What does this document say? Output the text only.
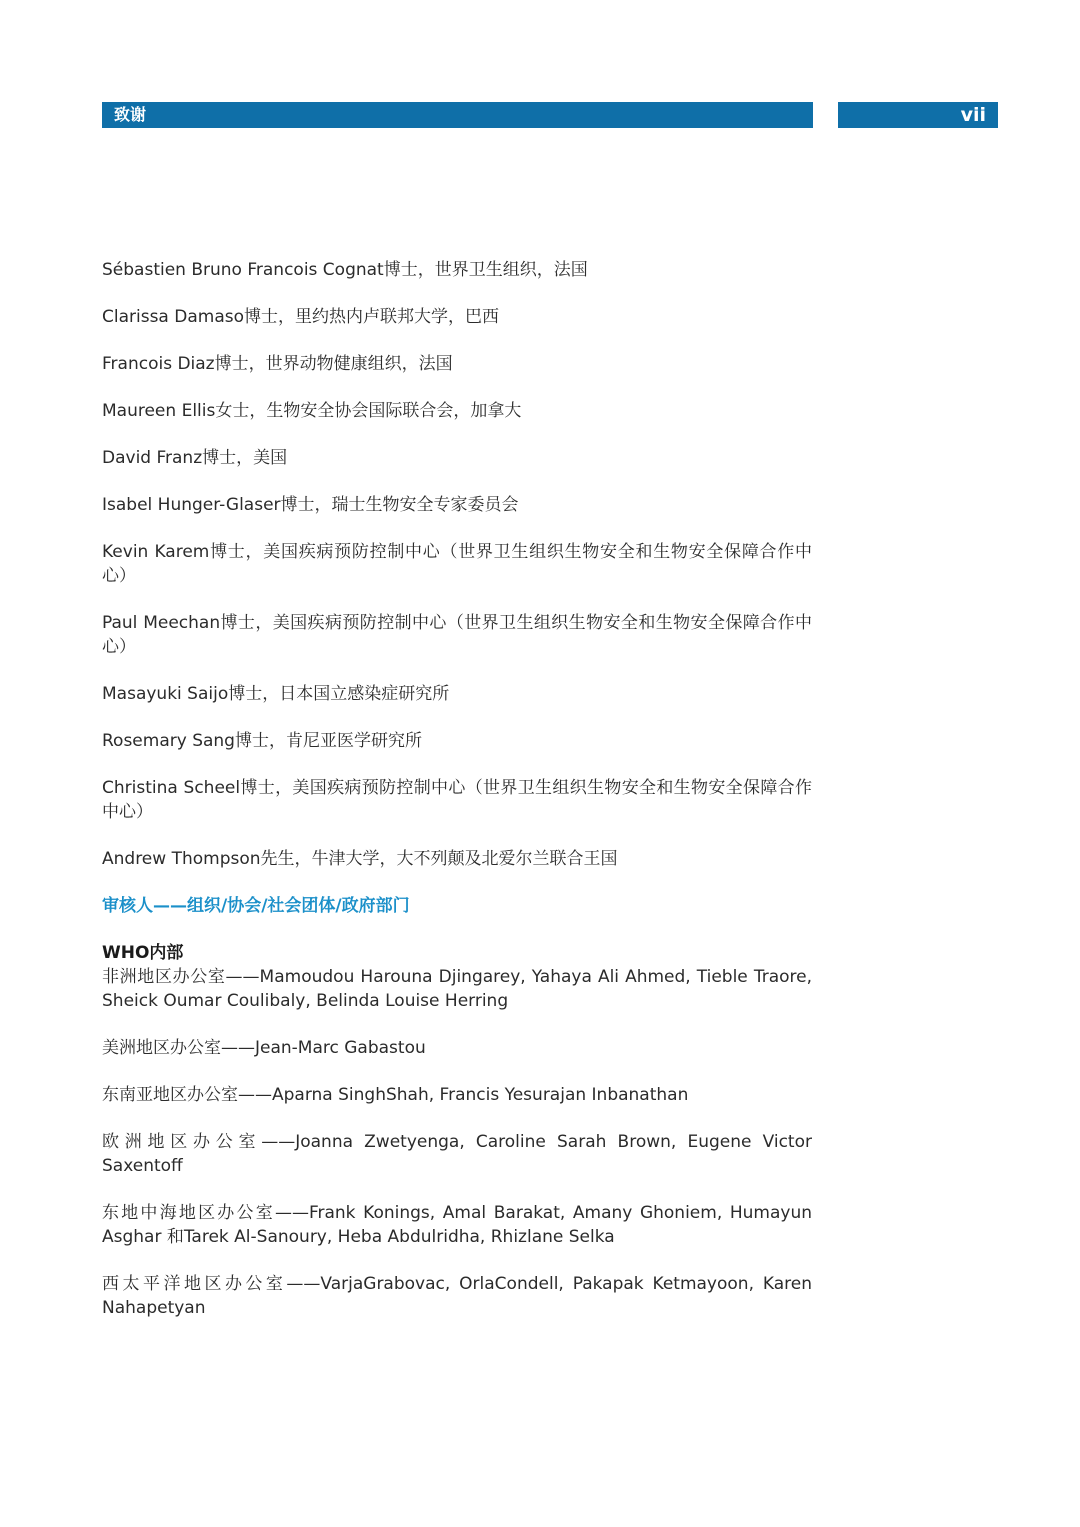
致谢	vii

Sébastien Bruno Francois Cognat博士，世界卫生组织，法国

Clarissa Damaso博士，里约热内卢联邦大学，巴西

Francois Diaz博士，世界动物健康组织，法国

Maureen Ellis女士，生物安全协会国际联合会，加拿大

David Franz博士，美国

Isabel Hunger-Glaser博士，瑞士生物安全专家委员会

Kevin Karem博士，美国疾病预防控制中心（世界卫生组织生物安全和生物安全保障合作中心）

Paul Meechan博士，美国疾病预防控制中心（世界卫生组织生物安全和生物安全保障合作中心）

Masayuki Saijo博士，日本国立感染症研究所

Rosemary Sang博士，肯尼亚医学研究所

Christina Scheel博士，美国疾病预防控制中心（世界卫生组织生物安全和生物安全保障合作中心）

Andrew Thompson先生，牛津大学，大不列颠及北爱尔兰联合王国

审核人——组织/协会/社会团体/政府部门

WHO内部

非洲地区办公室——Mamoudou Harouna Djingarey, Yahaya Ali Ahmed, Tieble Traore, Sheick Oumar Coulibaly, Belinda Louise Herring

美洲地区办公室——Jean-Marc Gabastou

东南亚地区办公室——Aparna SinghShah, Francis Yesurajan Inbanathan

欧洲地区办公室——Joanna Zwetyenga, Caroline Sarah Brown, Eugene Victor Saxentoff

东地中海地区办公室——Frank Konings, Amal Barakat, Amany Ghoniem, Humayun Asghar 和Tarek Al-Sanoury, Heba Abdulridha, Rhizlane Selka

西太平洋地区办公室——VarjaGrabovac, OrlaCondell, Pakapak Ketmayoon, Karen Nahapetyan
